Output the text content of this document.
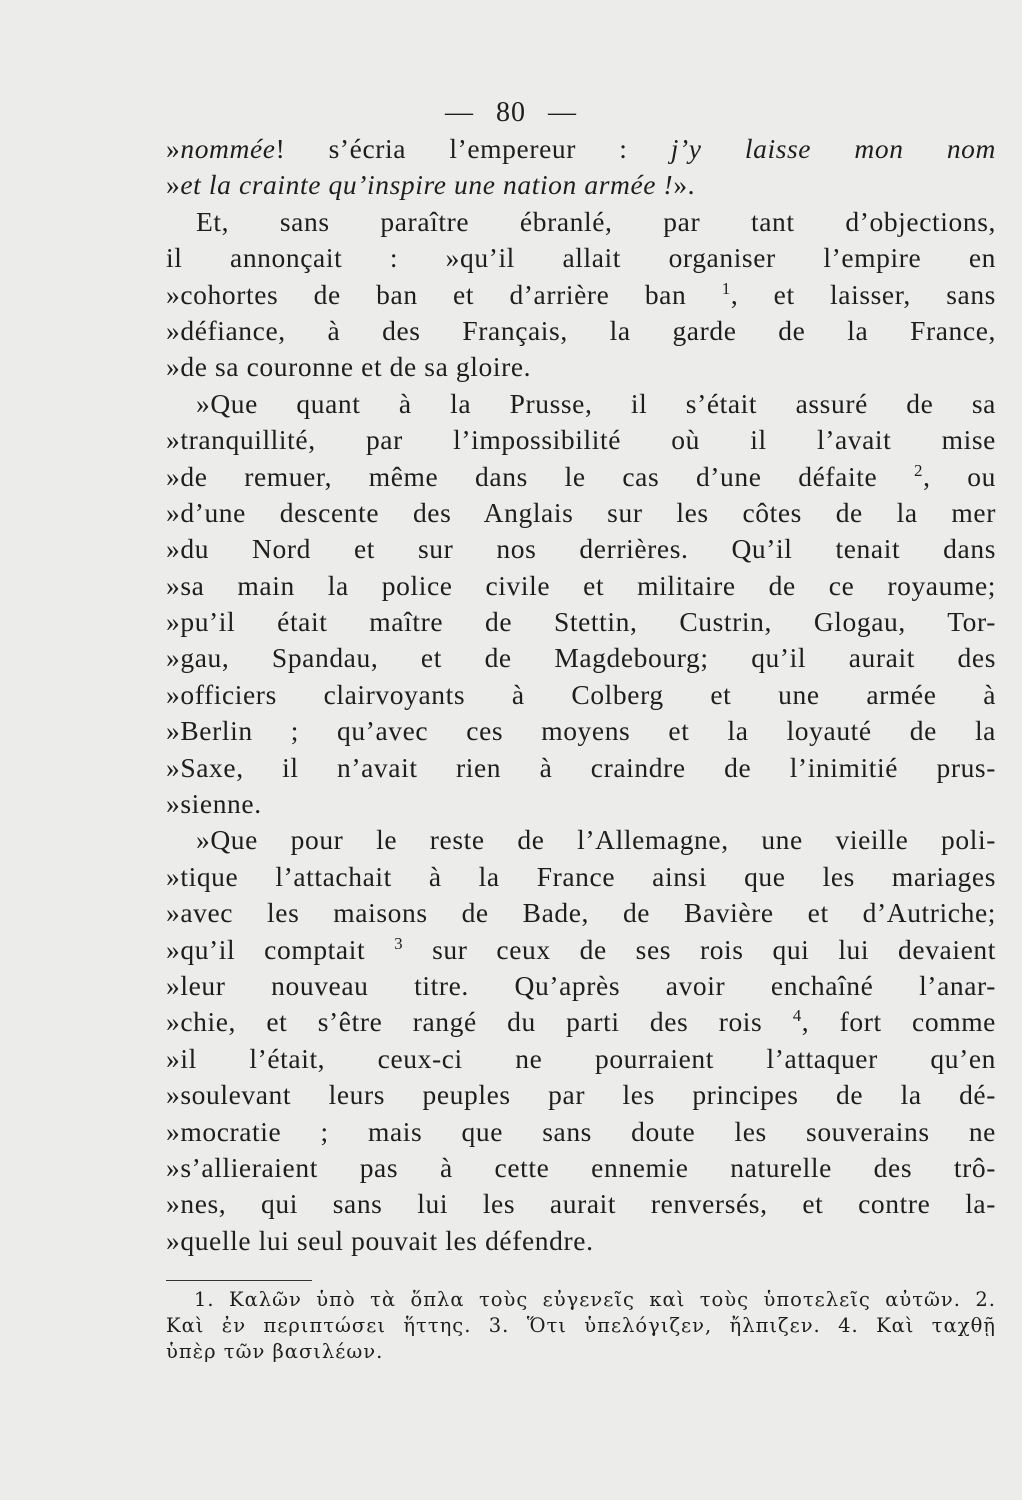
— 80 —
»nommée! s’écria l’empereur : j’y laisse mon nom
»et la crainte qu’inspire une nation armée !».
Et, sans paraître ébranlé, par tant d’objections,
il annonçait : »qu’il allait organiser l’empire en
»cohortes de ban et d’arrière ban $^1$, et laisser, sans
»défiance, à des Français, la garde de la France,
»de sa couronne et de sa gloire.
»Que quant à la Prusse, il s’était assuré de sa
»tranquillité, par l’impossibilité où il l’avait mise
»de remuer, même dans le cas d’une défaite $^2$, ou
»d’une descente des Anglais sur les côtes de la mer
»du Nord et sur nos derrières. Qu’il tenait dans
»sa main la police civile et militaire de ce royaume;
»pu’il était maître de Stettin, Custrin, Glogau, Tor-
»gau, Spandau, et de Magdebourg; qu’il aurait des
»officiers clairvoyants à Colberg et une armée à
»Berlin ; qu’avec ces moyens et la loyauté de la
»Saxe, il n’avait rien à craindre de l’inimitié prus-
»sienne.
»Que pour le reste de l’Allemagne, une vieille poli-
»tique l’attachait à la France ainsi que les mariages
»avec les maisons de Bade, de Bavière et d’Autriche;
»qu’il comptait $^3$ sur ceux de ses rois qui lui devaient
»leur nouveau titre. Qu’après avoir enchaîné l’anar-
»chie, et s’être rangé du parti des rois $^4$, fort comme
»il l’était, ceux-ci ne pourraient l’attaquer qu’en
»soulevant leurs peuples par les principes de la dé-
»mocratie ; mais que sans doute les souverains ne
»s’allieraient pas à cette ennemie naturelle des trô-
»nes, qui sans lui les aurait renversés, et contre la-
»quelle lui seul pouvait les défendre.
1. Καλῶν ὑπὸ τὰ ὅπλα τοὺς εὐγενεῖς καὶ τοὺς ὑποτελεῖς αὐτῶν. 2.
Καὶ ἐν περιπτώσει ἥττης. 3. Ὅτι ὑπελόγιζεν, ἤλπιζεν. 4. Καὶ ταχθῇ
ὑπὲρ τῶν βασιλέων.
